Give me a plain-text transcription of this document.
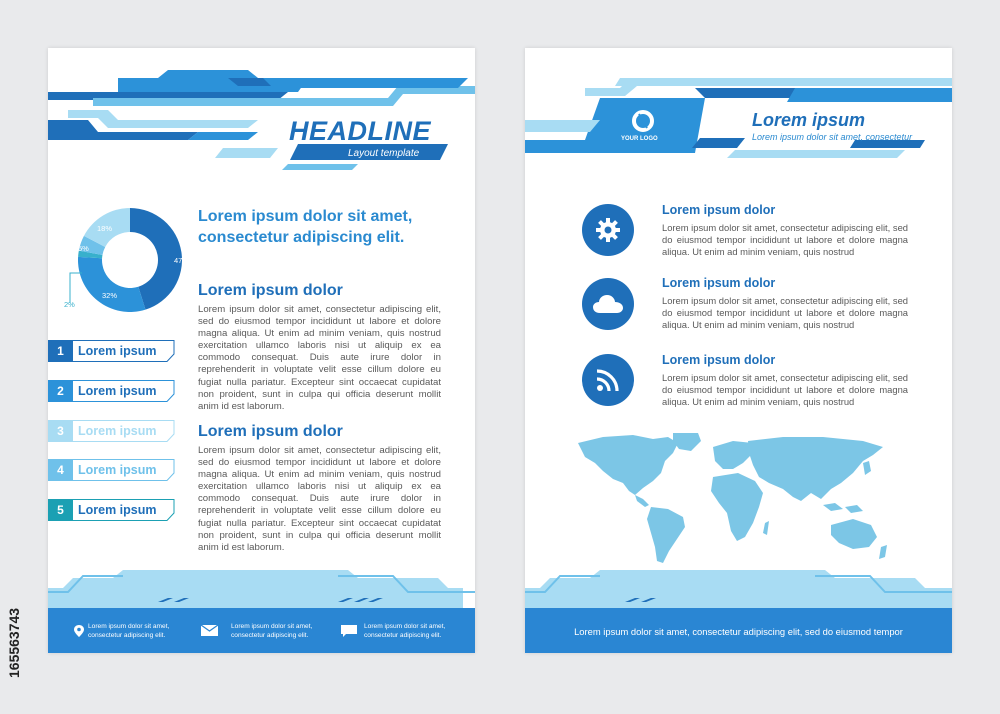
HEADLINE
Layout template
47%
32%
2%
5%
18%
1	Lorem ipsum
2	Lorem ipsum
3	Lorem ipsum
4	Lorem ipsum
5	Lorem ipsum
Lorem ipsum dolor sit amet, consectetur adipiscing elit.
Lorem ipsum dolor
Lorem ipsum dolor sit amet, consectetur adipiscing elit, sed do eiusmod tempor incididunt ut labore et dolore magna aliqua. Ut enim ad minim veniam, quis nostrud exercitation ullamco laboris nisi ut aliquip ex ea commodo consequat. Duis aute irure dolor in reprehenderit in voluptate velit esse cillum dolore eu fugiat nulla pariatur. Excepteur sint occaecat cupidatat non proident, sunt in culpa qui officia deserunt mollit anim id est laborum.
Lorem ipsum dolor
Lorem ipsum dolor sit amet, consectetur adipiscing elit, sed do eiusmod tempor incididunt ut labore et dolore magna aliqua. Ut enim ad minim veniam, quis nostrud exercitation ullamco laboris nisi ut aliquip ex ea commodo consequat. Duis aute irure dolor in reprehenderit in voluptate velit esse cillum dolore eu fugiat nulla pariatur. Excepteur sint occaecat cupidatat non proident, sunt in culpa qui officia deserunt mollit anim id est laborum.
Lorem ipsum dolor sit amet, consectetur adipiscing elit.
Lorem ipsum dolor sit amet, consectetur adipiscing elit.
Lorem ipsum dolor sit amet, consectetur adipiscing elit.
YOUR LOGO
Lorem ipsum
Lorem ipsum dolor sit amet, consectetur
Lorem ipsum dolor
Lorem ipsum dolor sit amet, consectetur adipiscing elit, sed do eiusmod tempor incididunt ut labore et dolore magna aliqua. Ut enim ad minim veniam, quis nostrud
Lorem ipsum dolor
Lorem ipsum dolor sit amet, consectetur adipiscing elit, sed do eiusmod tempor incididunt ut labore et dolore magna aliqua. Ut enim ad minim veniam, quis nostrud
Lorem ipsum dolor
Lorem ipsum dolor sit amet, consectetur adipiscing elit, sed do eiusmod tempor incididunt ut labore et dolore magna aliqua. Ut enim ad minim veniam, quis nostrud
Lorem ipsum dolor sit amet, consectetur adipiscing elit, sed do eiusmod tempor
165563743
